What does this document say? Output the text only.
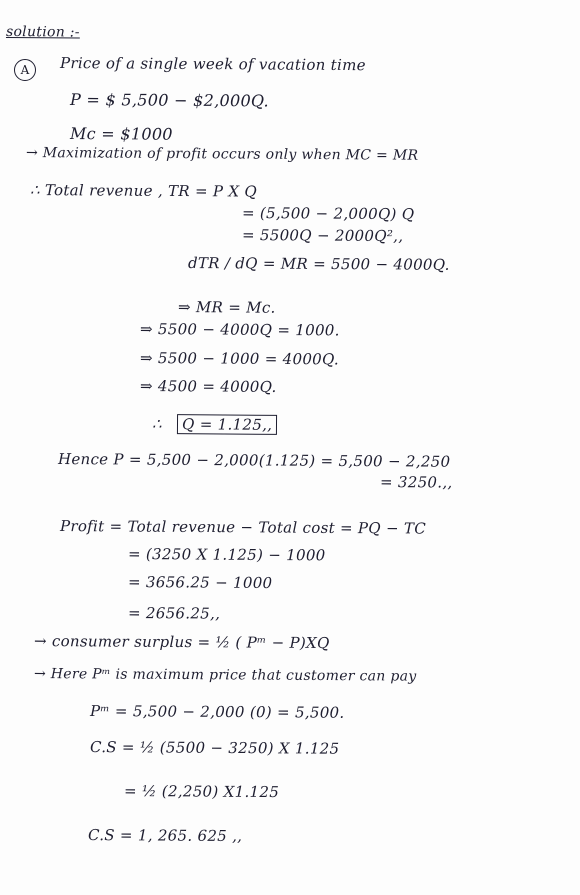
solution :-
A	Price of a single week of vacation time
P = $ 5,500 − $2,000Q.
Mc = $1000
→ Maximization of profit occurs only when MC = MR
∴ Total revenue , TR = P X Q
= (5,500 − 2,000Q) Q
= 5500Q − 2000Q²,,
dTR / dQ = MR = 5500 − 4000Q.
⇒ MR = Mc.
⇒ 5500 − 4000Q = 1000.
⇒ 5500 − 1000 = 4000Q.
⇒ 4500 = 4000Q.
∴ Q = 1.125,,
Hence P = 5,500 − 2,000(1.125) = 5,500 − 2,250
= 3250.,,
Profit = Total revenue − Total cost = PQ − TC
= (3250 X 1.125) − 1000
= 3656.25 − 1000
= 2656.25,,
→ consumer surplus = ½ ( Pᵐ − P)XQ
→ Here Pᵐ is maximum price that customer can pay
Pᵐ = 5,500 − 2,000 (0) = 5,500.
C.S = ½ (5500 − 3250) X 1.125
= ½ (2,250) X1.125
C.S = 1, 265. 625 ,,
